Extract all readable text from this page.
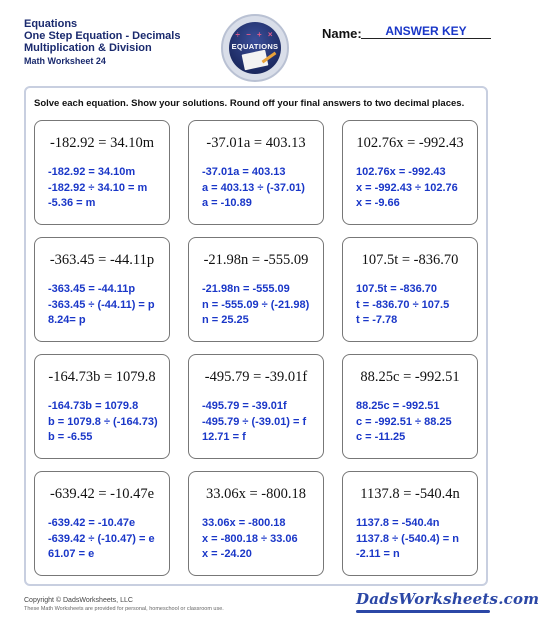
Equations
One Step Equation - Decimals
Multiplication & Division
Math Worksheet 24
÷ − + ×
EQUATIONS
Name:	ANSWER KEY
Solve each equation. Show your solutions. Round off your final answers to two decimal places.
-182.92 = 34.10m
-182.92 = 34.10m
-182.92 ÷ 34.10 = m
-5.36 = m
-37.01a = 403.13
-37.01a = 403.13
a = 403.13 ÷ (-37.01)
a = -10.89
102.76x = -992.43
102.76x = -992.43
x = -992.43 ÷ 102.76
x = -9.66
-363.45 = -44.11p
-363.45 = -44.11p
-363.45 ÷ (-44.11) = p
8.24= p
-21.98n = -555.09
-21.98n = -555.09
n = -555.09 ÷ (-21.98)
n = 25.25
107.5t = -836.70
107.5t = -836.70
t = -836.70 ÷ 107.5
t = -7.78
-164.73b = 1079.8
-164.73b = 1079.8
b = 1079.8 ÷ (-164.73)
b = -6.55
-495.79 = -39.01f
-495.79 = -39.01f
-495.79 ÷ (-39.01) = f
12.71 = f
88.25c = -992.51
88.25c = -992.51
c = -992.51 ÷ 88.25
c = -11.25
-639.42 = -10.47e
-639.42 = -10.47e
-639.42 ÷ (-10.47) = e
61.07 = e
33.06x = -800.18
33.06x = -800.18
x = -800.18 ÷ 33.06
x = -24.20
1137.8 = -540.4n
1137.8 = -540.4n
1137.8 ÷ (-540.4) = n
-2.11 = n
Copyright © DadsWorksheets, LLC
These Math Worksheets are provided for personal, homeschool or classroom use.
DadsWorksheets.com
